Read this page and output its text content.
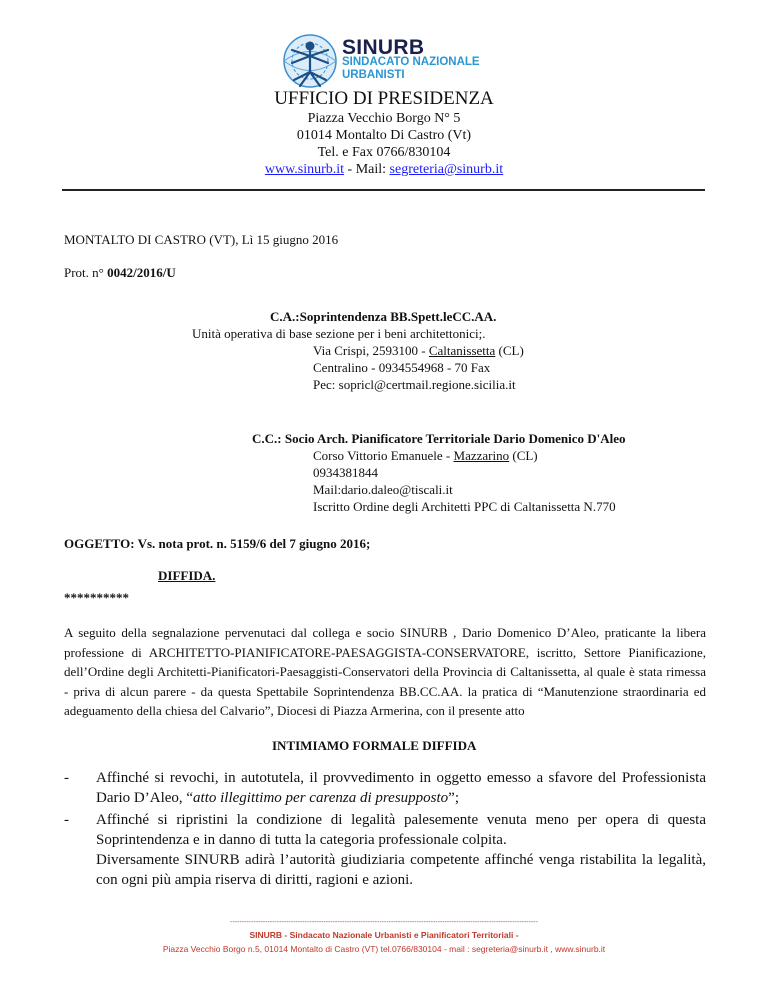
SINURB
SINDACATO NAZIONALE
URBANISTI
UFFICIO DI PRESIDENZA
Piazza Vecchio Borgo N° 5
01014 Montalto Di Castro (Vt)
Tel. e Fax 0766/830104
www.sinurb.it - Mail: segreteria@sinurb.it
MONTALTO DI CASTRO (VT), Lì 15 giugno 2016
Prot. n° 0042/2016/U
C.A.:Soprintendenza BB.Spett.leCC.AA.
Unità operativa di base sezione per i beni architettonici;.
Via Crispi, 2593100 - Caltanissetta (CL)
Centralino - 0934554968 - 70 Fax
Pec: sopricl@certmail.regione.sicilia.it
C.C.: Socio Arch. Pianificatore Territoriale Dario Domenico D'Aleo
Corso Vittorio Emanuele - Mazzarino (CL)
0934381844
Mail:dario.daleo@tiscali.it
Iscritto Ordine degli Architetti PPC di Caltanissetta N.770
OGGETTO: Vs. nota prot. n. 5159/6 del 7 giugno 2016;
DIFFIDA.
**********
A seguito della segnalazione pervenutaci dal collega e socio SINURB , Dario Domenico D’Aleo, praticante la libera professione di ARCHITETTO-PIANIFICATORE-PAESAGGISTA-CONSERVATORE, iscritto, Settore Pianificazione, dell’Ordine degli Architetti-Pianificatori-Paesaggisti-Conservatori della Provincia di Caltanissetta, al quale è stata rimessa - priva di alcun parere - da questa Spettabile Soprintendenza BB.CC.AA. la pratica di “Manutenzione straordinaria ed adeguamento della chiesa del Calvario”, Diocesi di Piazza Armerina, con il presente atto
INTIMIAMO FORMALE DIFFIDA
- Affinché si revochi, in autotutela, il provvedimento in oggetto emesso a sfavore del Professionista Dario D’Aleo, “atto illegittimo per carenza di presupposto”;
- Affinché si ripristini la condizione di legalità palesemente venuta meno per opera di questa Soprintendenza e in danno di tutta la categoria professionale colpita.
Diversamente SINURB adirà l’autorità giudiziaria competente affinché venga ristabilita la legalità, con ogni più ampia riserva di diritti, ragioni e azioni.
------------------------------------------------------------------------------------------------------------------------------------
SINURB - Sindacato Nazionale Urbanisti e Pianificatori Territoriali -
Piazza Vecchio Borgo n.5, 01014 Montalto di Castro (VT) tel.0766/830104 - mail : segreteria@sinurb.it , www.sinurb.it
